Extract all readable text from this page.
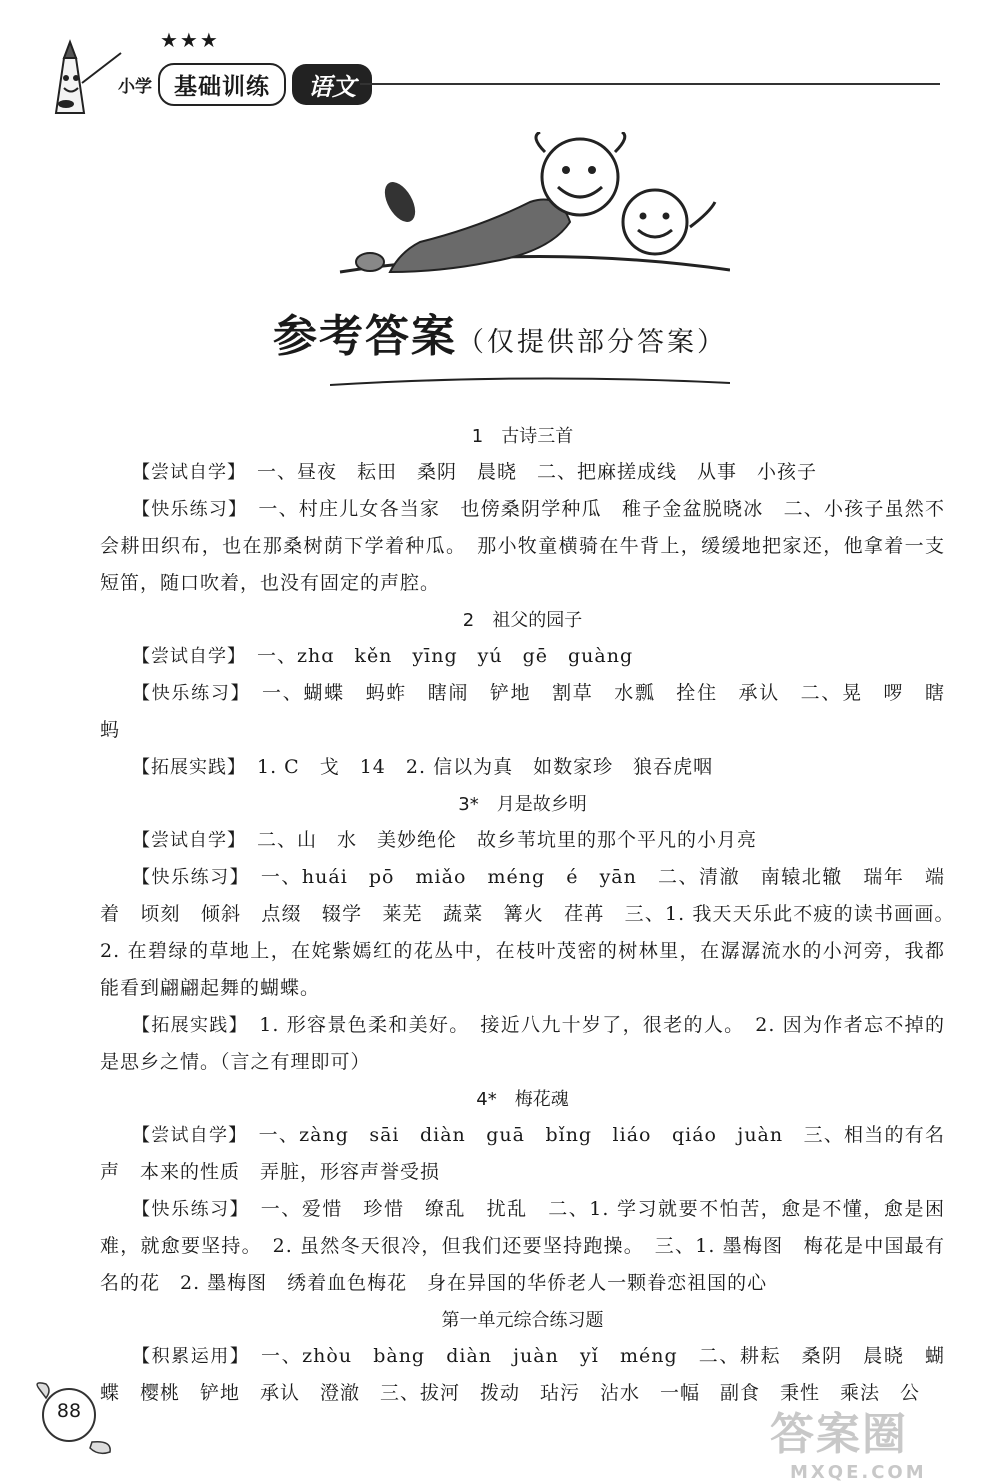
★★★
小学 基础训练	语文
参考答案（仅提供部分答案）
1 古诗三首

【尝试自学】　 一、昼夜　耘田　桑阴　晨晓　二、把麻搓成线　从事　小孩子

【快乐练习】　 一、村庄儿女各当家　也傍桑阴学种瓜　稚子金盆脱晓冰　二、小孩子虽然不会耕田织布，也在那桑树荫下学着种瓜。　那小牧童横骑在牛背上，缓缓地把家还，他拿着一支短笛，随口吹着，也没有固定的声腔。

2 祖父的园子

【尝试自学】　 一、zhɑ　kěn　yīng　yú　gē　guàng

【快乐练习】　 一、蝴蝶　蚂蚱　瞎闹　铲地　割草　水瓢　拴住　承认　二、晃　啰　瞎　蚂

【拓展实践】　 1. C　戈　14　2. 信以为真　如数家珍　狼吞虎咽

3* 月是故乡明

【尝试自学】　 二、山　水　美妙绝伦　故乡苇坑里的那个平凡的小月亮

【快乐练习】　 一、huái　pō　miǎo　méng　é　yān　二、清澈　南辕北辙　瑞年　端着　顷刻　倾斜　点缀　辍学　莱芜　蔬菜　篝火　荏苒　三、1. 我天天乐此不疲的读书画画。　2. 在碧绿的草地上，在姹紫嫣红的花丛中，在枝叶茂密的树林里，在潺潺流水的小河旁，我都能看到翩翩起舞的蝴蝶。

【拓展实践】　 1. 形容景色柔和美好。　接近八九十岁了，很老的人。　2. 因为作者忘不掉的是思乡之情。（言之有理即可）

4* 梅花魂

【尝试自学】　 一、zàng　sāi　diàn　guā　bǐng　liáo　qiáo　juàn　三、相当的有名声　本来的性质　弄脏，形容声誉受损

【快乐练习】　 一、爱惜　珍惜　缭乱　扰乱　二、1. 学习就要不怕苦，愈是不懂，愈是困难，就愈要坚持。　2. 虽然冬天很冷，但我们还要坚持跑操。　三、1. 墨梅图　梅花是中国最有名的花　2. 墨梅图　绣着血色梅花　身在异国的华侨老人一颗眷恋祖国的心

第一单元综合练习题

【积累运用】　 一、zhòu　bàng　diàn　juàn　yǐ　méng　二、耕耘　桑阴　晨晓　蝴蝶　樱桃　铲地　承认　澄澈　三、拔河　拨动　玷污　沾水　一幅　副食　秉性　乘法　公

88	答案圈
MXQE.COM
